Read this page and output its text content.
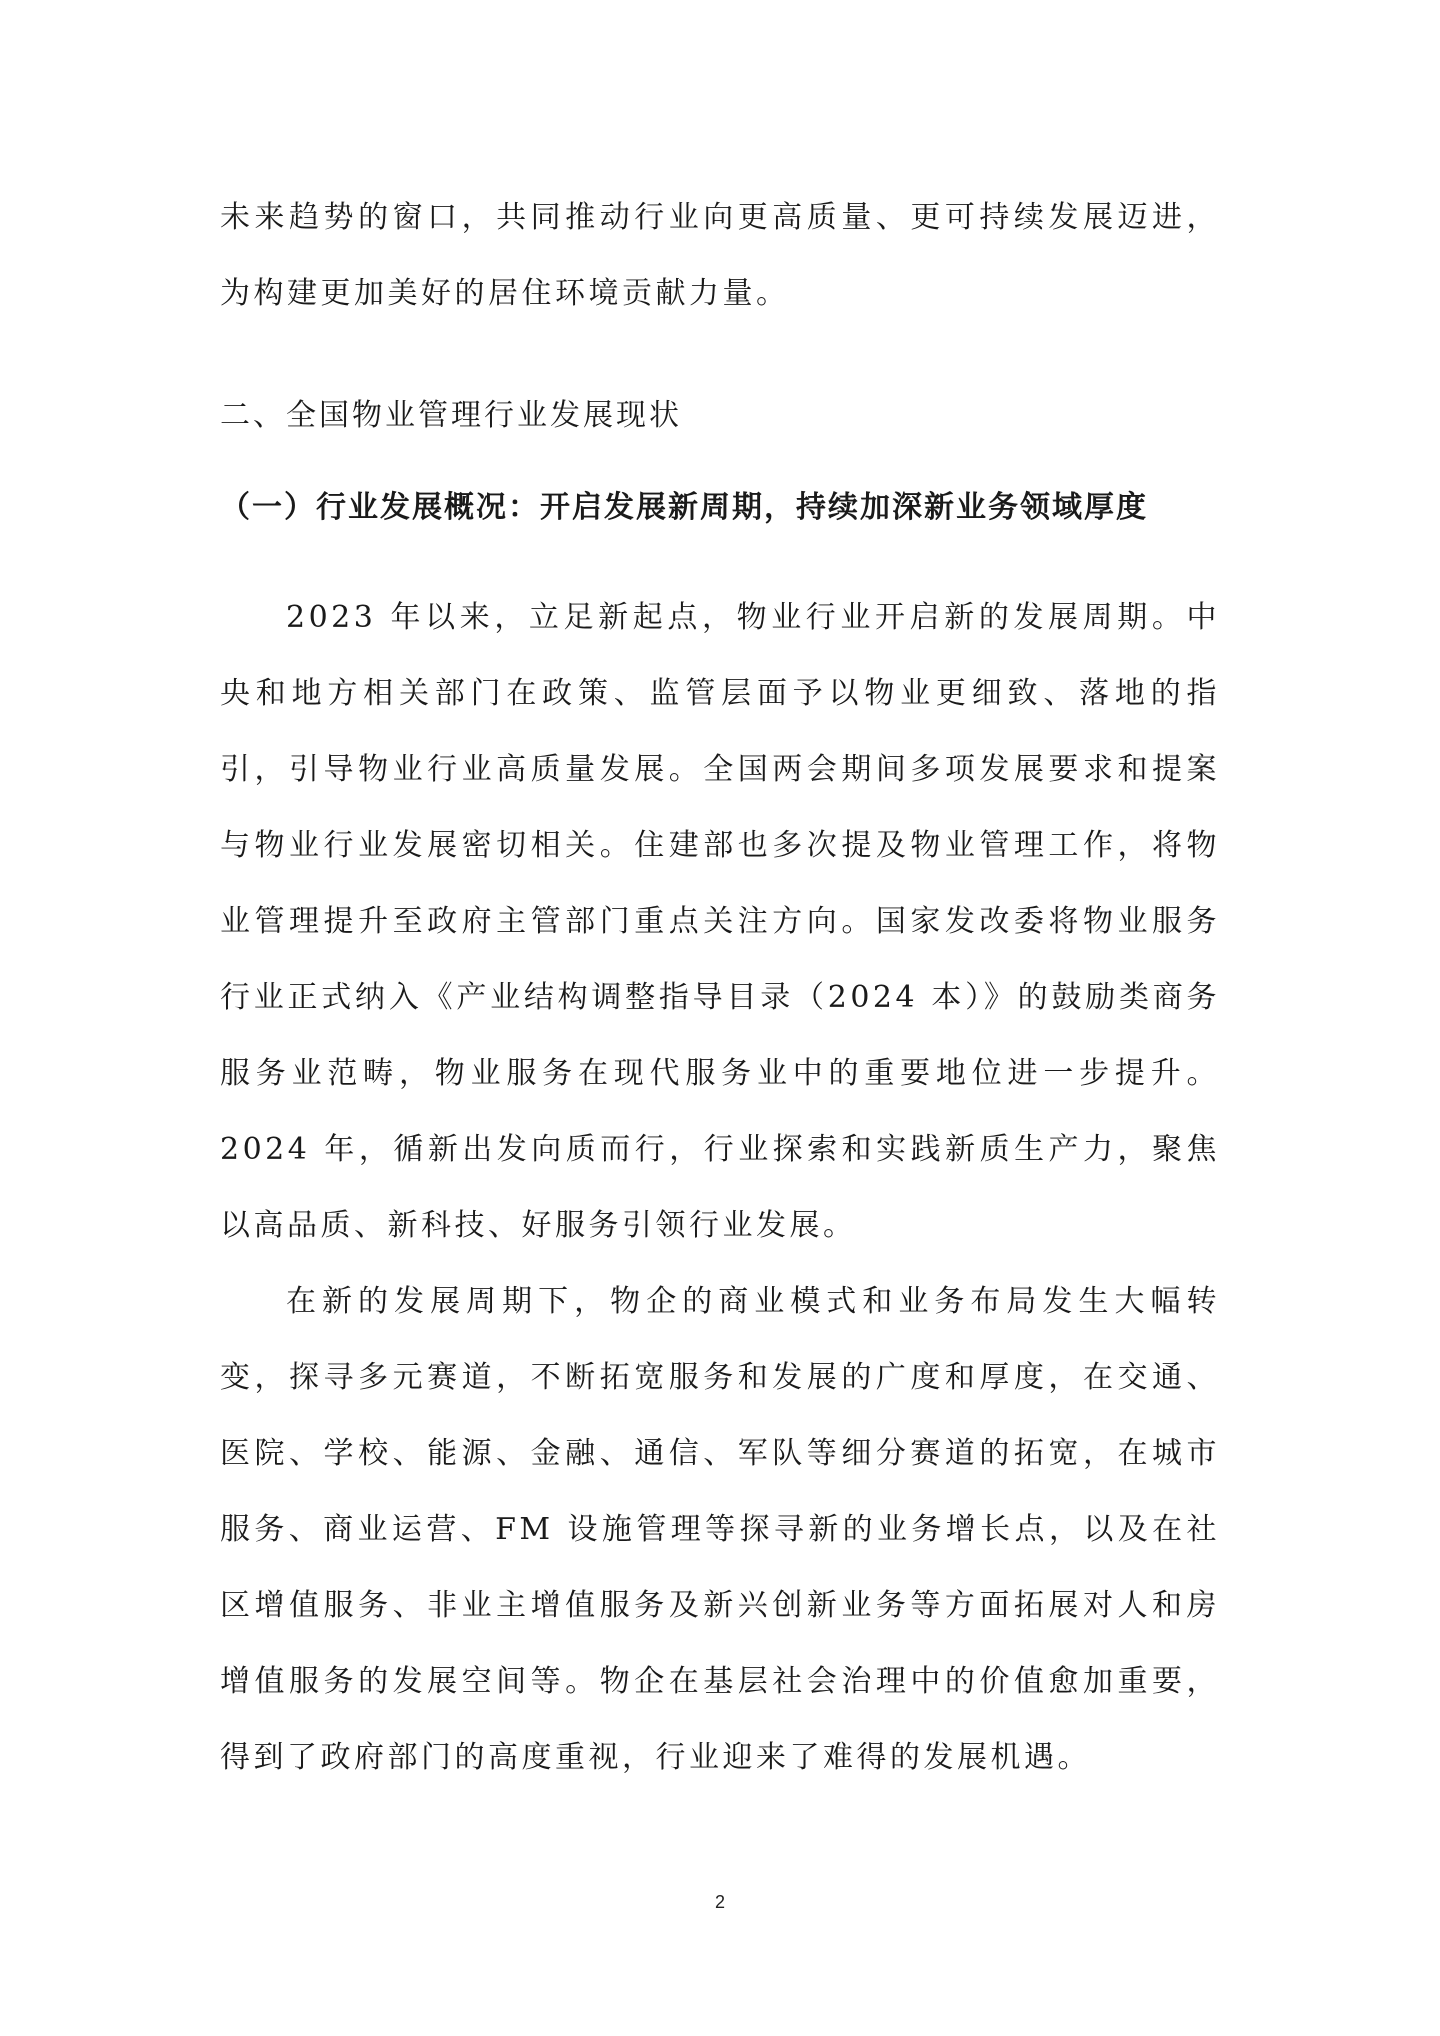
未来趋势的窗口，共同推动行业向更高质量、更可持续发展迈进，为构建更加美好的居住环境贡献力量。

二、全国物业管理行业发展现状
（一）行业发展概况：开启发展新周期，持续加深新业务领域厚度

2023 年以来，立足新起点，物业行业开启新的发展周期。中央和地方相关部门在政策、监管层面予以物业更细致、落地的指引，引导物业行业高质量发展。全国两会期间多项发展要求和提案与物业行业发展密切相关。住建部也多次提及物业管理工作，将物业管理提升至政府主管部门重点关注方向。国家发改委将物业服务行业正式纳入《产业结构调整指导目录（2024 本）》的鼓励类商务服务业范畴，物业服务在现代服务业中的重要地位进一步提升。2024 年，循新出发向质而行，行业探索和实践新质生产力，聚焦以高品质、新科技、好服务引领行业发展。

在新的发展周期下，物企的商业模式和业务布局发生大幅转变，探寻多元赛道，不断拓宽服务和发展的广度和厚度，在交通、医院、学校、能源、金融、通信、军队等细分赛道的拓宽，在城市服务、商业运营、FM 设施管理等探寻新的业务增长点，以及在社区增值服务、非业主增值服务及新兴创新业务等方面拓展对人和房增值服务的发展空间等。物企在基层社会治理中的价值愈加重要，得到了政府部门的高度重视，行业迎来了难得的发展机遇。

2
